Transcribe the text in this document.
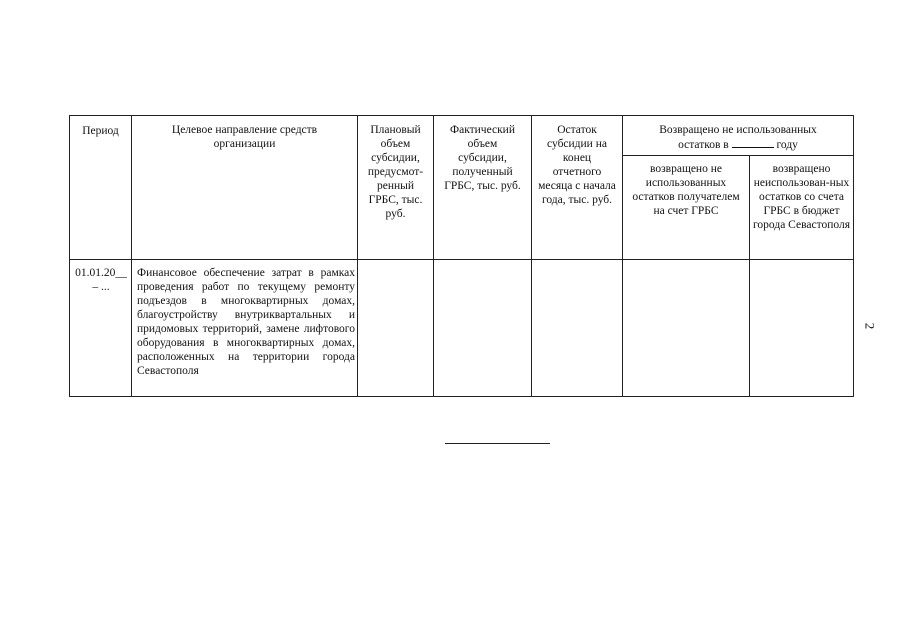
Период	Целевое направление средств организации	Плановый объем субсидии, предусмот-ренный ГРБС, тыс. руб.	Фактический объем субсидии, полученный ГРБС, тыс. руб.	Остаток субсидии на конец отчетного месяца с начала года, тыс. руб.	Возвращено не использованных остатков в году	
					возвращено не использованных остатков получателем на счет ГРБС	возвращено неиспользован-ных остатков со счета ГРБС в бюджет города Севастополя
01.01.20__ – ...	Финансовое обеспечение затрат в рамках проведения работ по текущему ремонту подъездов в многоквартирных домах, благоустройству внутриквартальных и придомовых территорий, замене лифтового оборудования в многоквартирных домах, расположенных на территории города Севастополя					
2
